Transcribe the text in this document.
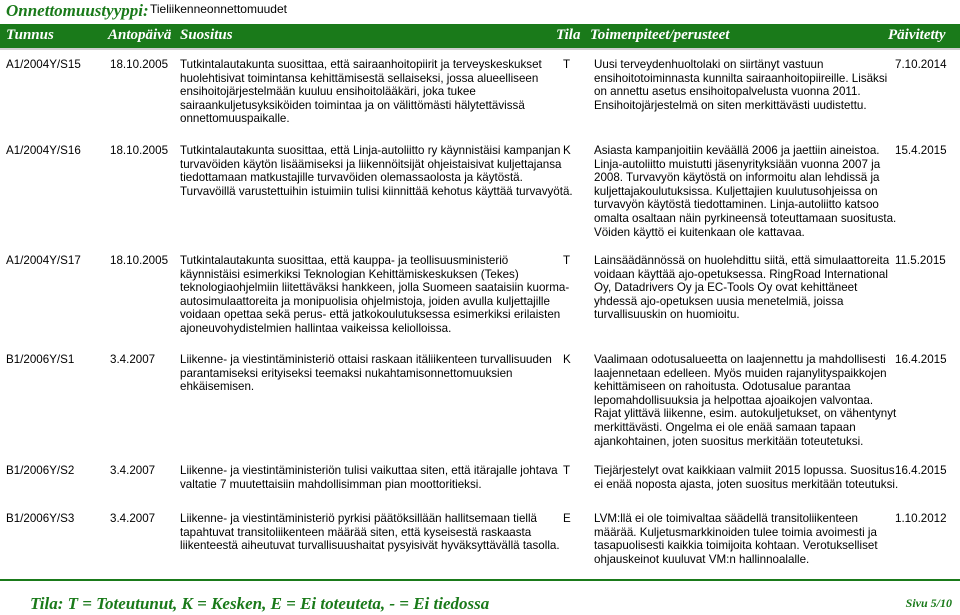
Onnettomuustyyppi: Tieliikenneonnettomuudet
Tunnus	Antopäivä Suositus	Tila Toimenpiteet/perusteet	Päivitetty
A1/2004Y/S15	18.10.2005	Tutkintalautakunta suosittaa, että sairaanhoitopiirit ja terveyskeskukset
huolehtisivat toimintansa kehittämisestä sellaiseksi, jossa alueelliseen
ensihoitojärjestelmään kuuluu ensihoitolääkäri, joka tukee
sairaankuljetusyksiköiden toimintaa ja on välittömästi hälytettävissä
onnettomuuspaikalle.
T	Uusi terveydenhuoltolaki on siirtänyt vastuun
ensihoitotoiminnasta kunnilta sairaanhoitopiireille. Lisäksi
on annettu asetus ensihoitopalvelusta vuonna 2011.
Ensihoitojärjestelmä on siten merkittävästi uudistettu.
7.10.2014
A1/2004Y/S16	18.10.2005	Tutkintalautakunta suosittaa, että Linja-autoliitto ry käynnistäisi kampanjan
turvavöiden käytön lisäämiseksi ja liikennöitsijät ohjeistaisivat kuljettajansa
tiedottamaan matkustajille turvavöiden olemassaolosta ja käytöstä.
Turvavöillä varustettuihin istuimiin tulisi kiinnittää kehotus käyttää turvavyötä.
K	Asiasta kampanjoitiin keväällä 2006 ja jaettiin aineistoa.
Linja-autoliitto muistutti jäsenyrityksiään vuonna 2007 ja
2008. Turvavyön käytöstä on informoitu alan lehdissä ja
kuljettajakoulutuksissa. Kuljettajien kuulutusohjeissa on
turvavyön käytöstä tiedottaminen. Linja-autoliitto katsoo
omalta osaltaan näin pyrkineensä toteuttamaan suositusta.
Vöiden käyttö ei kuitenkaan ole kattavaa.
15.4.2015
A1/2004Y/S17	18.10.2005	Tutkintalautakunta suosittaa, että kauppa- ja teollisuusministeriö
käynnistäisi esimerkiksi Teknologian Kehittämiskeskuksen (Tekes)
teknologiaohjelmiin liitettäväksi hankkeen, jolla Suomeen saataisiin kuorma-
autosimulaattoreita ja monipuolisia ohjelmistoja, joiden avulla kuljettajille
voidaan opettaa sekä perus- että jatkokoulutuksessa esimerkiksi erilaisten
ajoneuvohydistelmien hallintaa vaikeissa keliolloissa.
T	Lainsäädännössä on huolehdittu siitä, että simulaattoreita
voidaan käyttää ajo-opetuksessa. RingRoad International
Oy, Datadrivers Oy ja EC-Tools Oy ovat kehittäneet
yhdessä ajo-opetuksen uusia menetelmiä, joissa
turvallisuuskin on huomioitu.
11.5.2015
B1/2006Y/S1	3.4.2007	Liikenne- ja viestintäministeriö ottaisi raskaan itäliikenteen turvallisuuden
parantamiseksi erityiseksi teemaksi nukahtamisonnettomuuksien
ehkäisemisen.
K	Vaalimaan odotusalueetta on laajennettu ja mahdollisesti
laajennetaan edelleen. Myös muiden rajanylityspaikkojen
kehittämiseen on rahoitusta. Odotusalue parantaa
lepomahdollisuuksia ja helpottaa ajoaikojen valvontaa.
Rajat ylittävä liikenne, esim. autokuljetukset, on vähentynyt
merkittävästi. Ongelma ei ole enää samaan tapaan
ajankohtainen, joten suositus merkitään toteutetuksi.
16.4.2015
B1/2006Y/S2	3.4.2007	Liikenne- ja viestintäministeriön tulisi vaikuttaa siten, että itärajalle johtava
valtatie 7 muutettaisiin mahdollisimman pian moottoritieksi.
T	Tiejärjestelyt ovat kaikkiaan valmiit 2015 lopussa. Suositus
ei enää noposta ajasta, joten suositus merkitään toteutuksi.
16.4.2015
B1/2006Y/S3	3.4.2007	Liikenne- ja viestintäministeriö pyrkisi päätöksillään hallitsemaan tiellä
tapahtuvat transitoliikenteen määrää siten, että kyseisestä raskaasta
liikenteestä aiheutuvat turvallisuushaitat pysyisivät hyväksyttävällä tasolla.
E	LVM:llä ei ole toimivaltaa säädellä transitoliikenteen
määrää. Kuljetusmarkkinoiden tulee toimia avoimesti ja
tasapuolisesti kaikkia toimijoita kohtaan. Verotukselliset
ohjauskeinot kuuluvat VM:n hallinnoalalle.
1.10.2012
Tila: T = Toteutunut, K = Kesken, E = Ei toteuteta, - = Ei tiedossa	Sivu 5/10
